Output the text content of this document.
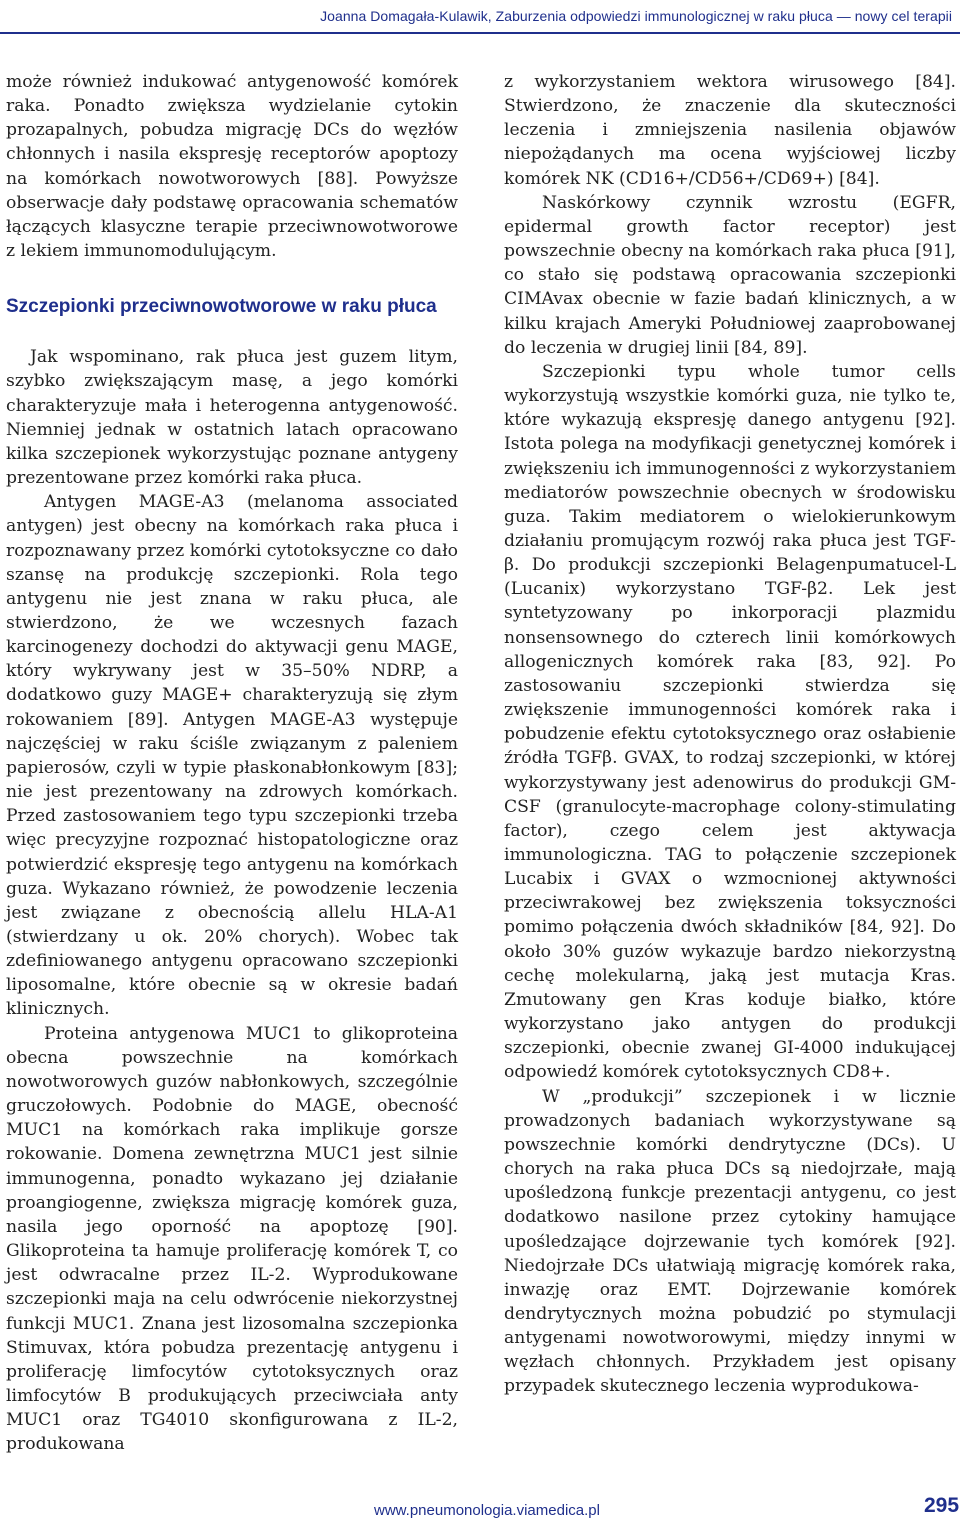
Joanna Domagała-Kulawik, Zaburzenia odpowiedzi immunologicznej w raku płuca — nowy cel terapii

może również indukować antygenowość komórek raka. Ponadto zwiększa wydzielanie cytokin prozapalnych, pobudza migrację DCs do węzłów chłonnych i nasila ekspresję receptorów apoptozy na komórkach nowotworowych [88]. Powyższe obserwacje dały podstawę opracowania schematów łączących klasyczne terapie przeciwnowotworowe z lekiem immunomodulującym.

Szczepionki przeciwnowotworowe w raku płuca

Jak wspominano, rak płuca jest guzem litym, szybko zwiększającym masę, a jego komórki charakteryzuje mała i heterogenna antygenowość. Niemniej jednak w ostatnich latach opracowano kilka szczepionek wykorzystując poznane antygeny prezentowane przez komórki raka płuca.

Antygen MAGE-A3 (melanoma associated antygen) jest obecny na komórkach raka płuca i rozpoznawany przez komórki cytotoksyczne co dało szansę na produkcję szczepionki. Rola tego antygenu nie jest znana w raku płuca, ale stwierdzono, że we wczesnych fazach karcinogenezy dochodzi do aktywacji genu MAGE, który wykrywany jest w 35–50% NDRP, a dodatkowo guzy MAGE+ charakteryzują się złym rokowaniem [89]. Antygen MAGE-A3 występuje najczęściej w raku ściśle związanym z paleniem papierosów, czyli w typie płaskonabłonkowym [83]; nie jest prezentowany na zdrowych komórkach. Przed zastosowaniem tego typu szczepionki trzeba więc precyzyjne rozpoznać histopatologiczne oraz potwierdzić ekspresję tego antygenu na komórkach guza. Wykazano również, że powodzenie leczenia jest związane z obecnością allelu HLA-A1 (stwierdzany u ok. 20% chorych). Wobec tak zdefiniowanego antygenu opracowano szczepionki liposomalne, które obecnie są w okresie badań klinicznych.

Proteina antygenowa MUC1 to glikoproteina obecna powszechnie na komórkach nowotworowych guzów nabłonkowych, szczególnie gruczołowych. Podobnie do MAGE, obecność MUC1 na komórkach raka implikuje gorsze rokowanie. Domena zewnętrzna MUC1 jest silnie immunogenna, ponadto wykazano jej działanie proangiogenne, zwiększa migrację komórek guza, nasila jego oporność na apoptozę [90]. Glikoproteina ta hamuje proliferację komórek T, co jest odwracalne przez IL-2. Wyprodukowane szczepionki maja na celu odwrócenie niekorzystnej funkcji MUC1. Znana jest lizosomalna szczepionka Stimuvax, która pobudza prezentację antygenu i proliferację limfocytów cytotoksycznych oraz limfocytów B produkujących przeciwciała anty MUC1 oraz TG4010 skonfigurowana z IL-2, produkowana

z wykorzystaniem wektora wirusowego [84]. Stwierdzono, że znaczenie dla skuteczności leczenia i zmniejszenia nasilenia objawów niepożądanych ma ocena wyjściowej liczby komórek NK (CD16+/CD56+/CD69+) [84].

Naskórkowy czynnik wzrostu (EGFR, epidermal growth factor receptor) jest powszechnie obecny na komórkach raka płuca [91], co stało się podstawą opracowania szczepionki CIMAvax obecnie w fazie badań klinicznych, a w kilku krajach Ameryki Południowej zaaprobowanej do leczenia w drugiej linii [84, 89].

Szczepionki typu whole tumor cells wykorzystują wszystkie komórki guza, nie tylko te, które wykazują ekspresję danego antygenu [92]. Istota polega na modyfikacji genetycznej komórek i zwiększeniu ich immunogenności z wykorzystaniem mediatorów powszechnie obecnych w środowisku guza. Takim mediatorem o wielokierunkowym działaniu promującym rozwój raka płuca jest TGF-β. Do produkcji szczepionki Belagenpumatucel-L (Lucanix) wykorzystano TGF-β2. Lek jest syntetyzowany po inkorporacji plazmidu nonsensownego do czterech linii komórkowych allogenicznych komórek raka [83, 92]. Po zastosowaniu szczepionki stwierdza się zwiększenie immunogenności komórek raka i pobudzenie efektu cytotoksycznego oraz osłabienie źródła TGFβ. GVAX, to rodzaj szczepionki, w której wykorzystywany jest adenowirus do produkcji GM-CSF (granulocyte-macrophage colony-stimulating factor), czego celem jest aktywacja immunologiczna. TAG to połączenie szczepionek Lucabix i GVAX o wzmocnionej aktywności przeciwrakowej bez zwiększenia toksyczności pomimo połączenia dwóch składników [84, 92]. Do około 30% guzów wykazuje bardzo niekorzystną cechę molekularną, jaką jest mutacja Kras. Zmutowany gen Kras koduje białko, które wykorzystano jako antygen do produkcji szczepionki, obecnie zwanej GI-4000 indukującej odpowiedź komórek cytotoksycznych CD8+.

W „produkcji” szczepionek i w licznie prowadzonych badaniach wykorzystywane są powszechnie komórki dendrytyczne (DCs). U chorych na raka płuca DCs są niedojrzałe, mają upośledzoną funkcje prezentacji antygenu, co jest dodatkowo nasilone przez cytokiny hamujące upośledzające dojrzewanie tych komórek [92]. Niedojrzałe DCs ułatwiają migrację komórek raka, inwazję oraz EMT. Dojrzewanie komórek dendrytycznych można pobudzić po stymulacji antygenami nowotworowymi, między innymi w węzłach chłonnych. Przykładem jest opisany przypadek skutecznego leczenia wyprodukowa-

www.pneumonologia.viamedica.pl	295
